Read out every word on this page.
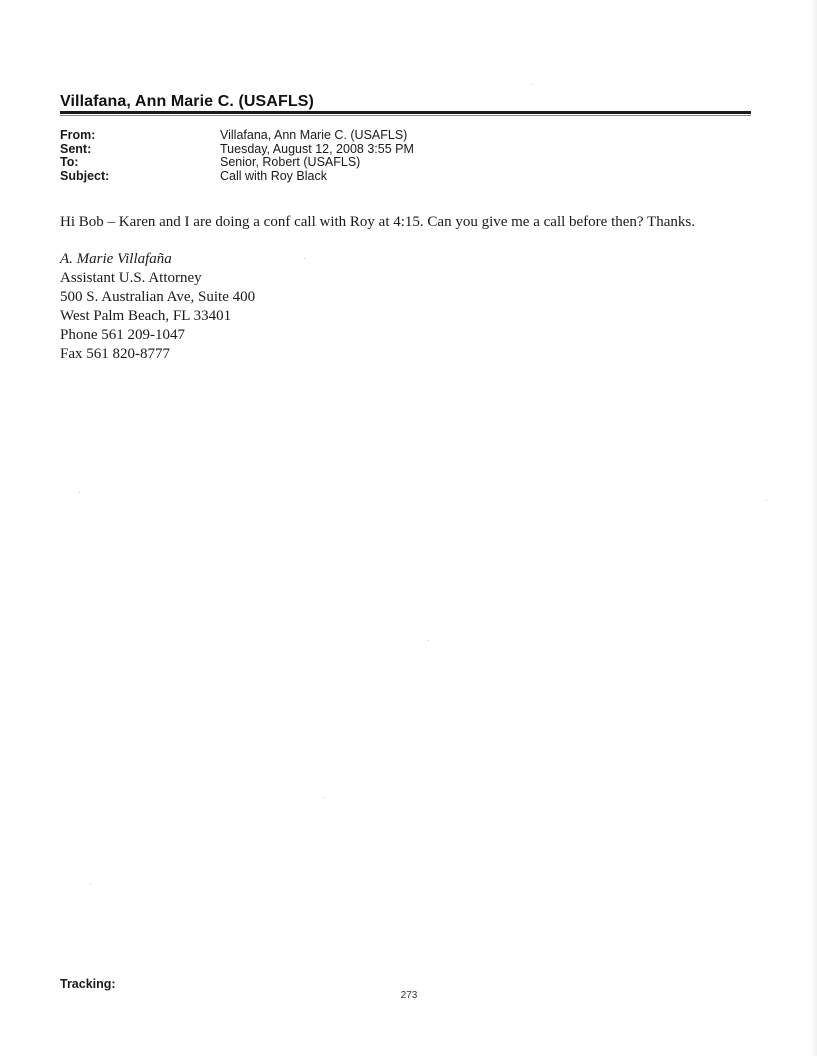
Villafana, Ann Marie C. (USAFLS)
From:	Villafana, Ann Marie C. (USAFLS)
Sent:	Tuesday, August 12, 2008 3:55 PM
To:	Senior, Robert (USAFLS)
Subject:	Call with Roy Black
Hi Bob – Karen and I are doing a conf call with Roy at 4:15. Can you give me a call before then? Thanks.
A. Marie Villafaña
Assistant U.S. Attorney
500 S. Australian Ave, Suite 400
West Palm Beach, FL 33401
Phone 561 209-1047
Fax 561 820-8777
Tracking:
273
